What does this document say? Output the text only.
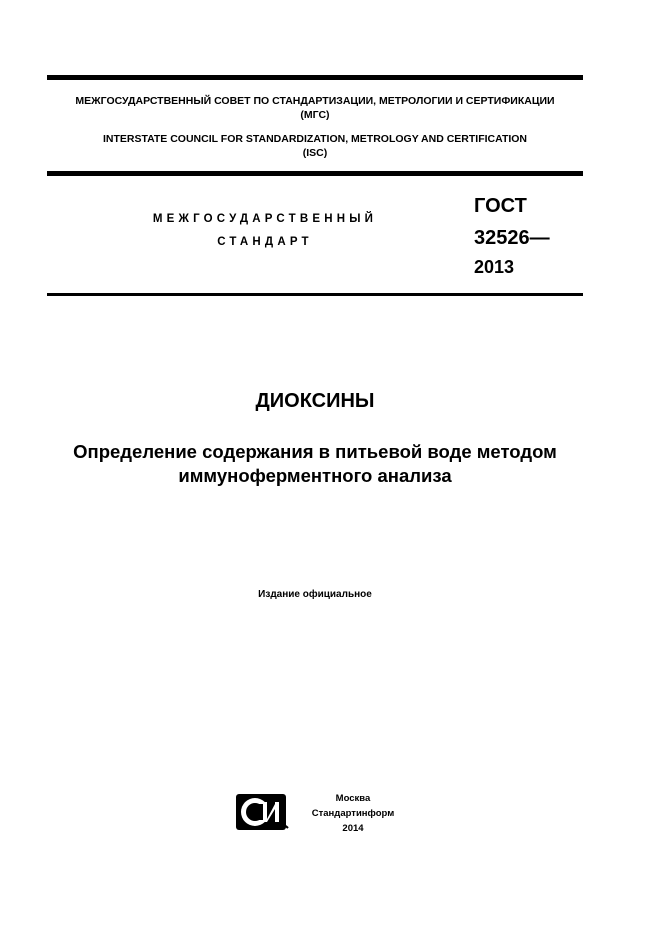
МЕЖГОСУДАРСТВЕННЫЙ СОВЕТ ПО СТАНДАРТИЗАЦИИ, МЕТРОЛОГИИ И СЕРТИФИКАЦИИ
(МГС)
INTERSTATE COUNCIL FOR STANDARDIZATION, METROLOGY AND CERTIFICATION
(ISC)
МЕЖГОСУДАРСТВЕННЫЙ
СТАНДАРТ
ГОСТ
32526—
2013
ДИОКСИНЫ
Определение содержания в питьевой воде методом
иммуноферментного анализа
Издание официальное
Москва
Стандартинформ
2014
